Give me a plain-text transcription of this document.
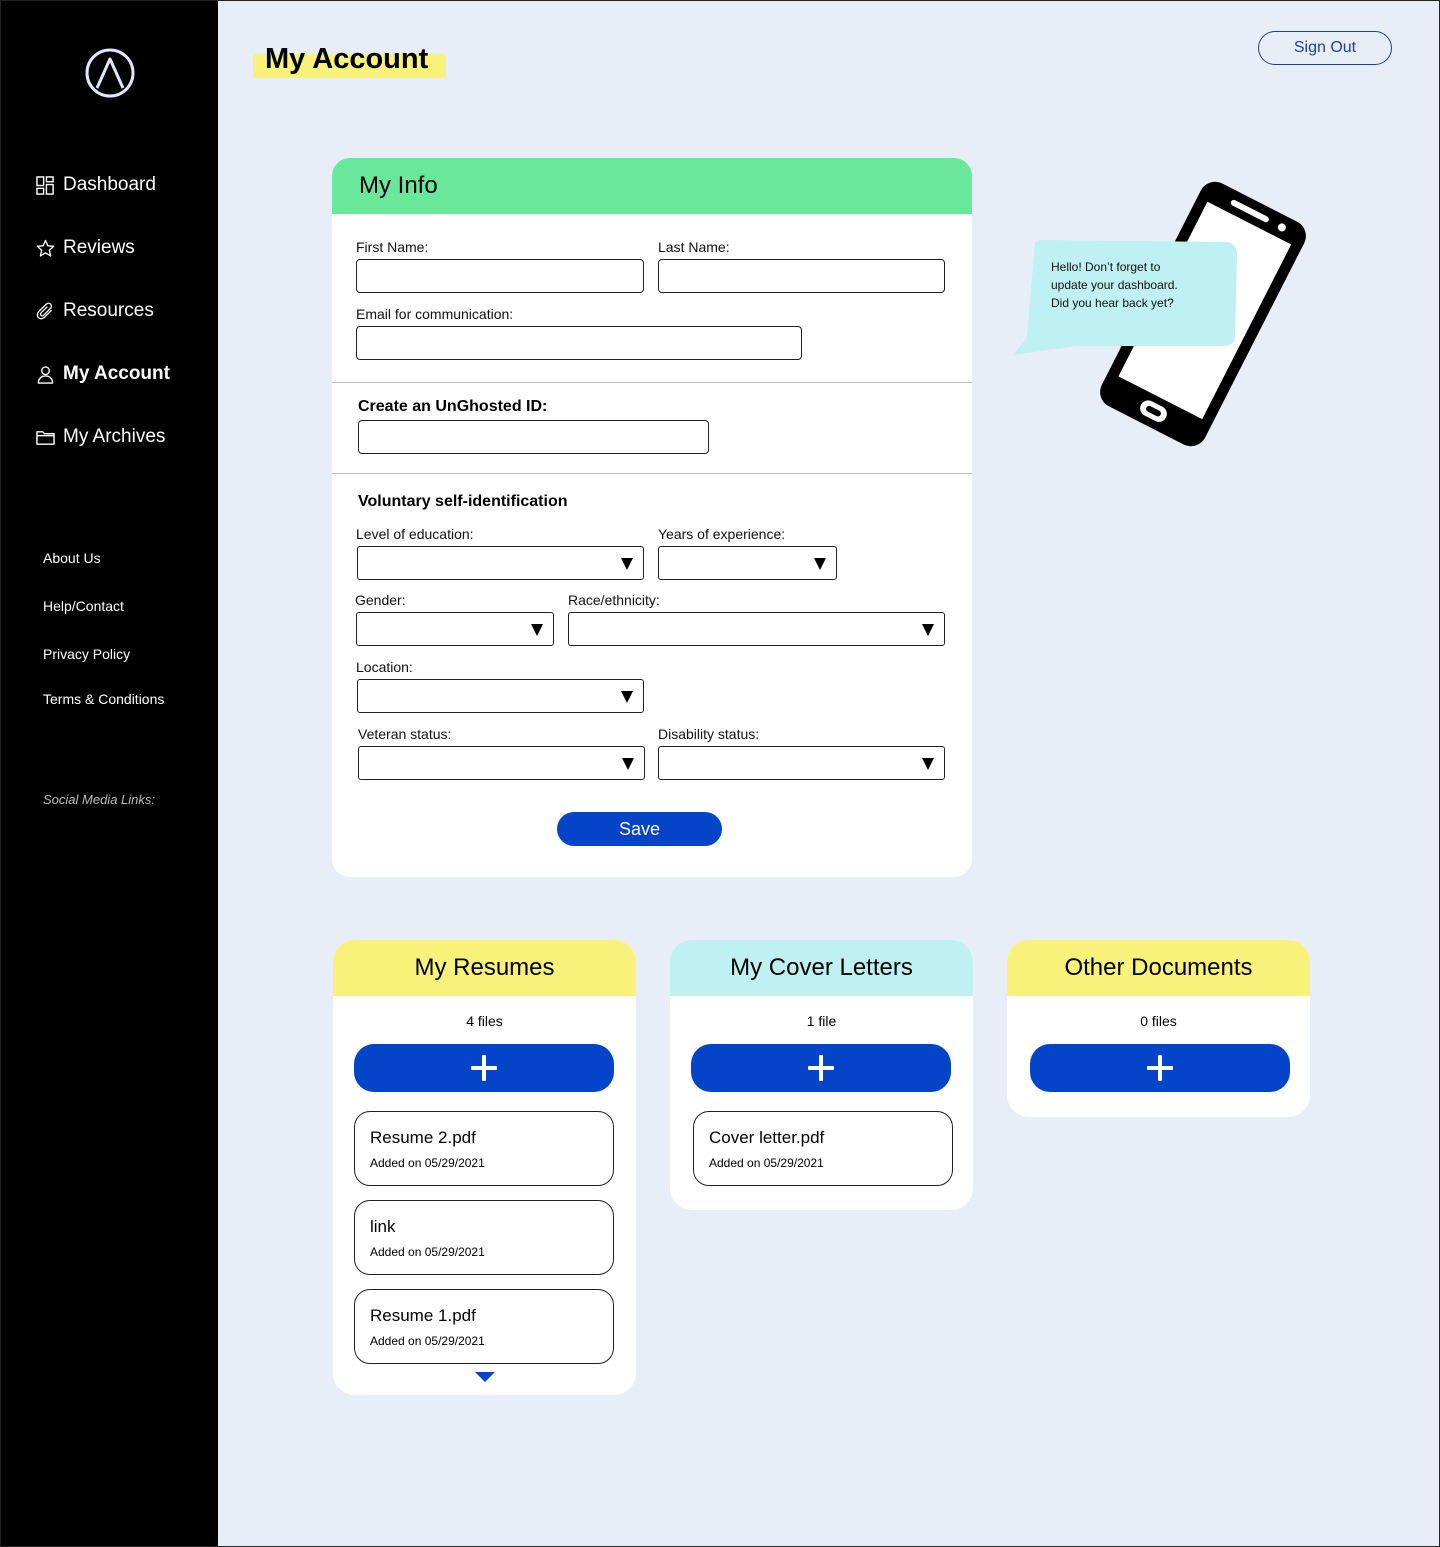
Dashboard
Reviews
Resources
My Account
My Archives
About Us
Help/Contact
Privacy Policy
Terms & Conditions
Social Media Links:
My Account	Sign Out
My Info
First Name:	Last Name:
Email for communication:
Create an UnGhosted ID:
Voluntary self-identification
Level of education:	Years of experience:
Gender:	Race/ethnicity:
Location:
Veteran status:	Disability status:
Save
Hello! Don’t forget to
update your dashboard.
Did you hear back yet?
My Resumes
4 files
Resume 2.pdf
Added on 05/29/2021
link
Added on 05/29/2021
Resume 1.pdf
Added on 05/29/2021
My Cover Letters
1 file
Cover letter.pdf
Added on 05/29/2021
Other Documents
0 files
